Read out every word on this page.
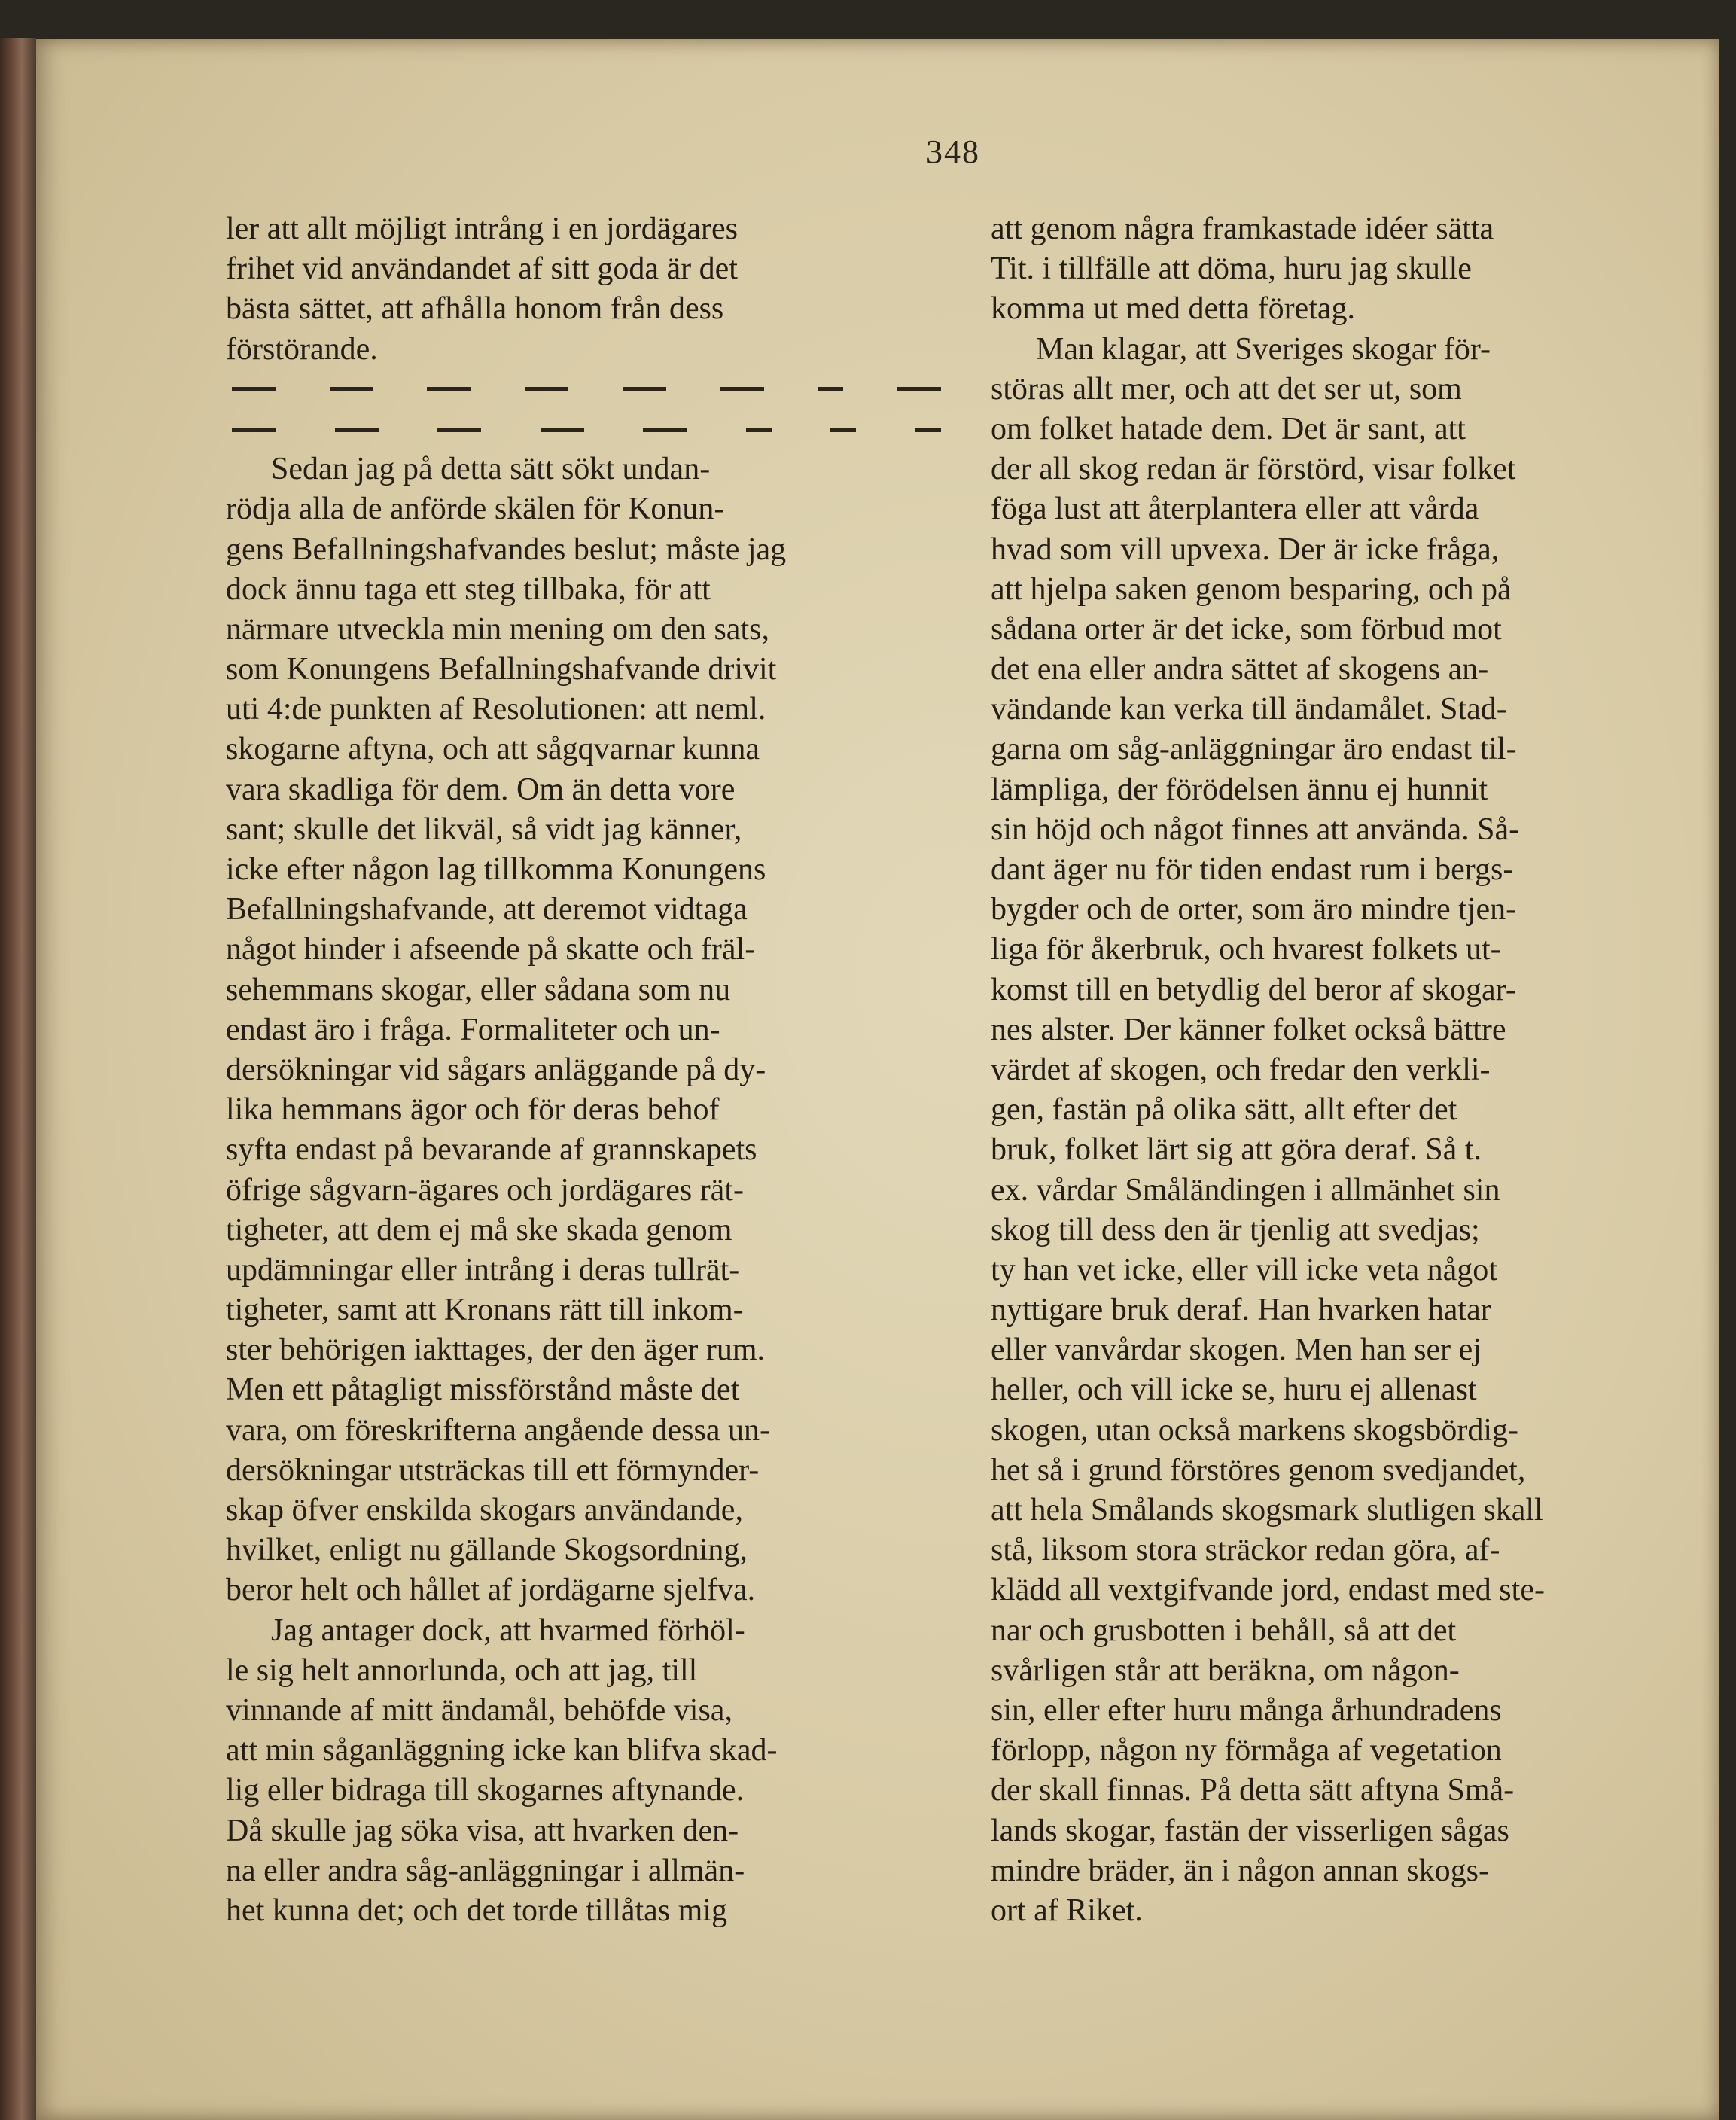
348
ler att allt möjligt intrång i en jordägares
frihet vid användandet af sitt goda är det
bästa sättet, att afhålla honom från dess
förstörande.
Sedan jag på detta sätt sökt undan-
rödja alla de anförde skälen för Konun-
gens Befallningshafvandes beslut; måste jag
dock ännu taga ett steg tillbaka, för att
närmare utveckla min mening om den sats,
som Konungens Befallningshafvande drivit
uti 4:de punkten af Resolutionen: att neml.
skogarne aftyna, och att sågqvarnar kunna
vara skadliga för dem. Om än detta vore
sant; skulle det likväl, så vidt jag känner,
icke efter någon lag tillkomma Konungens
Befallningshafvande, att deremot vidtaga
något hinder i afseende på skatte och fräl-
sehemmans skogar, eller sådana som nu
endast äro i fråga. Formaliteter och un-
dersökningar vid sågars anläggande på dy-
lika hemmans ägor och för deras behof
syfta endast på bevarande af grannskapets
öfrige sågvarn-ägares och jordägares rät-
tigheter, att dem ej må ske skada genom
updämningar eller intrång i deras tullrät-
tigheter, samt att Kronans rätt till inkom-
ster behörigen iakttages, der den äger rum.
Men ett påtagligt missförstånd måste det
vara, om föreskrifterna angående dessa un-
dersökningar utsträckas till ett förmynder-
skap öfver enskilda skogars användande,
hvilket, enligt nu gällande Skogsordning,
beror helt och hållet af jordägarne sjelfva.
Jag antager dock, att hvarmed förhöl-
le sig helt annorlunda, och att jag, till
vinnande af mitt ändamål, behöfde visa,
att min såganläggning icke kan blifva skad-
lig eller bidraga till skogarnes aftynande.
Då skulle jag söka visa, att hvarken den-
na eller andra såg-anläggningar i allmän-
het kunna det; och det torde tillåtas mig
att genom några framkastade idéer sätta
Tit. i tillfälle att döma, huru jag skulle
komma ut med detta företag.
Man klagar, att Sveriges skogar för-
störas allt mer, och att det ser ut, som
om folket hatade dem. Det är sant, att
der all skog redan är förstörd, visar folket
föga lust att återplantera eller att vårda
hvad som vill upvexa. Der är icke fråga,
att hjelpa saken genom besparing, och på
sådana orter är det icke, som förbud mot
det ena eller andra sättet af skogens an-
vändande kan verka till ändamålet. Stad-
garna om såg-anläggningar äro endast til-
lämpliga, der förödelsen ännu ej hunnit
sin höjd och något finnes att använda. Så-
dant äger nu för tiden endast rum i bergs-
bygder och de orter, som äro mindre tjen-
liga för åkerbruk, och hvarest folkets ut-
komst till en betydlig del beror af skogar-
nes alster. Der känner folket också bättre
värdet af skogen, och fredar den verkli-
gen, fastän på olika sätt, allt efter det
bruk, folket lärt sig att göra deraf. Så t.
ex. vårdar Småländingen i allmänhet sin
skog till dess den är tjenlig att svedjas;
ty han vet icke, eller vill icke veta något
nyttigare bruk deraf. Han hvarken hatar
eller vanvårdar skogen. Men han ser ej
heller, och vill icke se, huru ej allenast
skogen, utan också markens skogsbördig-
het så i grund förstöres genom svedjandet,
att hela Smålands skogsmark slutligen skall
stå, liksom stora sträckor redan göra, af-
klädd all vextgifvande jord, endast med ste-
nar och grusbotten i behåll, så att det
svårligen står att beräkna, om någon-
sin, eller efter huru många århundradens
förlopp, någon ny förmåga af vegetation
der skall finnas. På detta sätt aftyna Små-
lands skogar, fastän der visserligen sågas
mindre bräder, än i någon annan skogs-
ort af Riket.
